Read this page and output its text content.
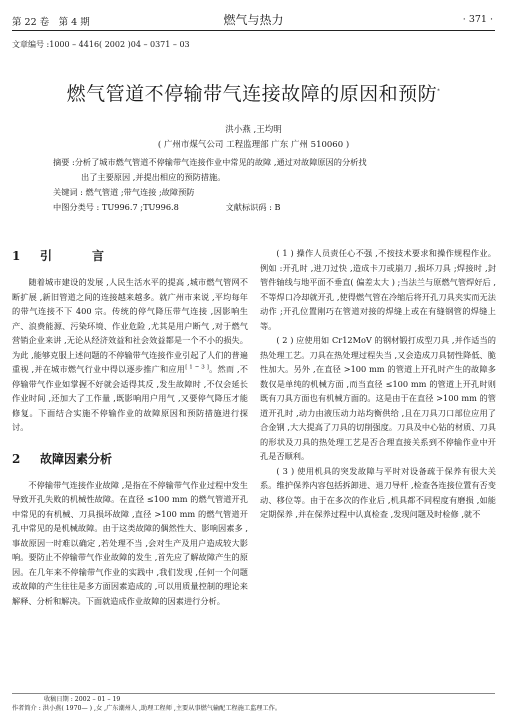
第 22 卷　第 4 期	燃气与热力	· 371 ·
文章编号 :1000 – 4416( 2002 )04 – 0371 – 03
燃气管道不停输带气连接故障的原因和预防*
洪小燕 ,王均明
( 广州市煤气公司 工程监理部 广东 广州 510060 )
摘要 :分析了城市燃气管道不停输带气连接作业中常见的故障 ,通过对故障原因的分析找
出了主要原因 ,并提出相应的预防措施。
关键词 : 燃气管道 ;带气连接 ;故障预防
中图分类号 : TU996.7 ;TU996.8	文献标识码 : B
1 引　言

随着城市建设的发展 ,人民生活水平的提高 ,城市燃气管网不断扩展 ,新旧管道之间的连接越来越多。就广州市来说 ,平均每年的带气连接不下 400 宗。传统的停气降压带气连接 ,因影响生产、浪费能源、污染环境、作业危险 ,尤其是用户断气 ,对于燃气营销企业来讲 ,无论从经济效益和社会效益都是一个不小的损失。为此 ,能够克服上述问题的不停输带气连接作业引起了人们的普遍重视 ,并在城市燃气行业中得以逐步推广和应用[ 1 ~ 3 ]。然而 ,不停输带气作业如掌握不好就会适得其反 ,发生故障时 ,不仅会延长作业时间 ,还加大了工作量 ,既影响用户用气 ,又要停气降压才能修复。下面结合实施不停输作业的故障原因和预防措施进行探讨。

2 故障因素分析

不停输带气连接作业故障 ,是指在不停输带气作业过程中发生导致开孔失败的机械性故障。在直径 ≤100 mm 的燃气管道开孔中常见的有机械、刀具损坏故障 ,直径 >100 mm 的燃气管道开孔中常见的是机械故障。由于这类故障的偶然性大、影响因素多 ,事故原因一时难以确定 ,若处理不当 ,会对生产及用户造成较大影响。要防止不停输带气作业故障的发生 ,首先应了解故障产生的原因。在几年来不停输带气作业的实践中 ,我们发现 ,任何一个问题或故障的产生往往是多方面因素造成的 ,可以用质量控制的理论来解释、分析和解决。下面就造成作业故障的因素进行分析。

( 1 ) 操作人员责任心不强 ,不按技术要求和操作规程作业。例如 :开孔时 ,进刀过快 ,造成卡刀或崩刀 ,损坏刀具 ;焊接时 ,封管件轴线与地平面不垂直( 偏差太大 ) ;当法兰与原燃气管焊好后 ,不等焊口冷却就开孔 ,使得燃气管在冷缩后将开孔刀具夹实而无法动作 ;开孔位置刚巧在管道对接的焊缝上或在有缝钢管的焊缝上等。

( 2 ) 应使用如 Cr12MoV 的钢材锻打成型刀具 ,并作适当的热处理工艺。刀具在热处理过程失当 ,又会造成刀具韧性降低、脆性加大。另外 ,在直径 >100 mm 的管道上开孔时产生的故障多数仅是单纯的机械方面 ,而当直径 ≤100 mm 的管道上开孔时则既有刀具方面也有机械方面的。这是由于在直径 >100 mm 的管道开孔时 ,动力由液压动力站均衡供给 ,且在刀具刀口部位应用了合金钢 ,大大提高了刀具的切削强度。刀具及中心钻的材质、刀具的形状及刀具的热处理工艺是否合理直接关系到不停输作业中开孔是否顺利。

( 3 ) 使用机具的突发故障与平时对设备疏于保养有很大关系。维护保养内容包括拆卸进、退刀导杆 ,检查各连接位置有否变动、移位等。由于在多次的作业后 ,机具都不同程度有磨损 ,如能定期保养 ,并在保养过程中认真检查 ,发现问题及时检修 ,就不

收稿日期 : 2002 – 01 – 19
作者简介 : 洪小燕( 1970— ) ,女 ,广东潮州人 ,助理工程师 ,主要从事燃气输配工程施工监理工作。
